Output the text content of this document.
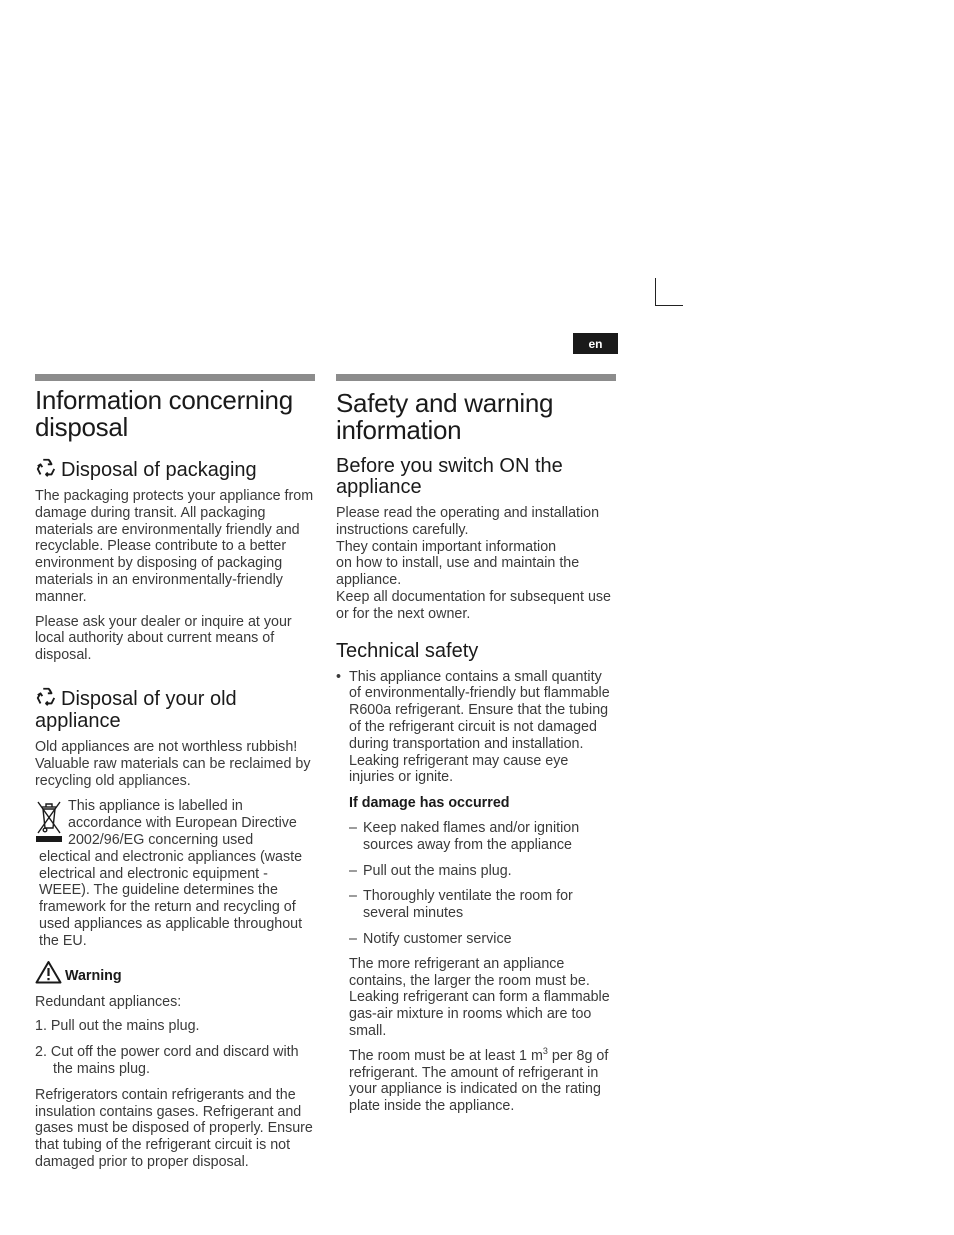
en
Information concerning
disposal
Disposal of packaging

The packaging protects your appliance from damage during transit. All packaging materials are environmentally friendly and recyclable. Please contribute to a better environment by disposing of packaging materials in an environmentally-friendly manner.

Please ask your dealer or inquire at your local authority about current means of disposal.

Disposal of your old
appliance

Old appliances are not worthless rubbish! Valuable raw materials can be reclaimed by recycling old appliances.

This appliance is labelled in

accordance with European Directive

2002/96/EG concerning used

electical and electronic appliances (waste electrical and electronic equipment - WEEE). The guideline determines the framework for the return and recycling of used appliances as applicable throughout the EU.

Warning

Redundant appliances:

1. Pull out the mains plug.
2. Cut off the power cord and discard with the mains plug.

Refrigerators contain refrigerants and the insulation contains gases. Refrigerant and gases must be disposed of properly. Ensure that tubing of the refrigerant circuit is not damaged prior to proper disposal.

Safety and warning
information
Before you switch ON the
appliance

Please read the operating and installation instructions carefully.

They contain important information

on how to install, use and maintain the appliance.

Keep all documentation for subsequent use or for the next owner.

Technical safety
• This appliance contains a small quantity of environmentally-friendly but flammable R600a refrigerant. Ensure that the tubing of the refrigerant circuit is not damaged during transportation and installation. Leaking refrigerant may cause eye injuries or ignite.

If damage has occurred

– Keep naked flames and/or ignition sources away from the appliance
– Pull out the mains plug.
– Thoroughly ventilate the room for several minutes
– Notify customer service

The more refrigerant an appliance contains, the larger the room must be. Leaking refrigerant can form a flammable gas-air mixture in rooms which are too small.

The room must be at least 1 $m^3$ per 8g of refrigerant. The amount of refrigerant in your appliance is indicated on the rating plate inside the appliance.
